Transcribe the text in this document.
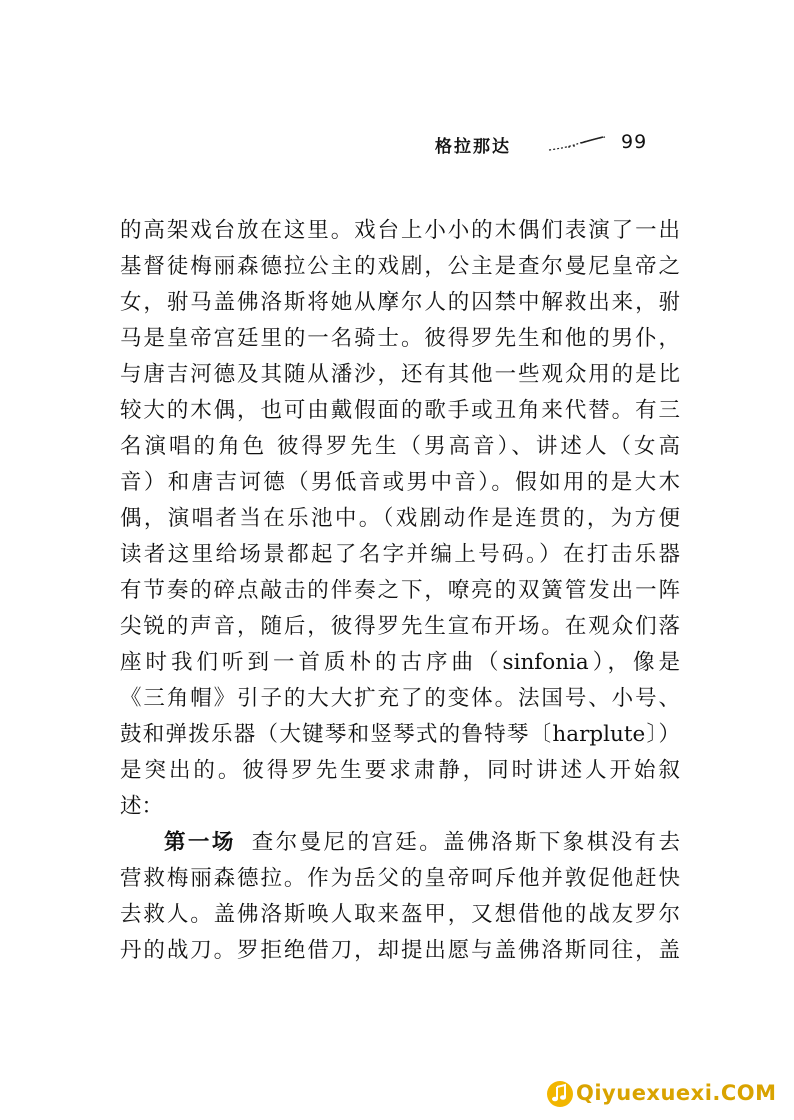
格拉那达	99
的高架戏台放在这里。戏台上小小的木偶们表演了一出
基督徒梅丽森德拉公主的戏剧，公主是查尔曼尼皇帝之
女，驸马盖佛洛斯将她从摩尔人的囚禁中解救出来，驸
马是皇帝宫廷里的一名骑士。彼得罗先生和他的男仆，
与唐吉河德及其随从潘沙，还有其他一些观众用的是比
较大的木偶，也可由戴假面的歌手或丑角来代替。有三
名演唱的角色 彼得罗先生（男高音）、讲述人（女高
音）和唐吉诃德（男低音或男中音）。假如用的是大木
偶，演唱者当在乐池中。（戏剧动作是连贯的，为方便
读者这里给场景都起了名字并编上号码。）在打击乐器
有节奏的碎点敲击的伴奏之下，嘹亮的双簧管发出一阵
尖锐的声音，随后，彼得罗先生宣布开场。在观众们落
座时我们听到一首质朴的古序曲（sinfonia），像是
《三角帽》引子的大大扩充了的变体。法国号、小号、
鼓和弹拨乐器（大键琴和竖琴式的鲁特琴〔harplute〕）
是突出的。彼得罗先生要求肃静，同时讲述人开始叙
述：
第一场 查尔曼尼的宫廷。盖佛洛斯下象棋没有去
营救梅丽森德拉。作为岳父的皇帝呵斥他并敦促他赶快
去救人。盖佛洛斯唤人取来盔甲，又想借他的战友罗尔
丹的战刀。罗拒绝借刀，却提出愿与盖佛洛斯同往，盖
Qiyuexuexi.COM
